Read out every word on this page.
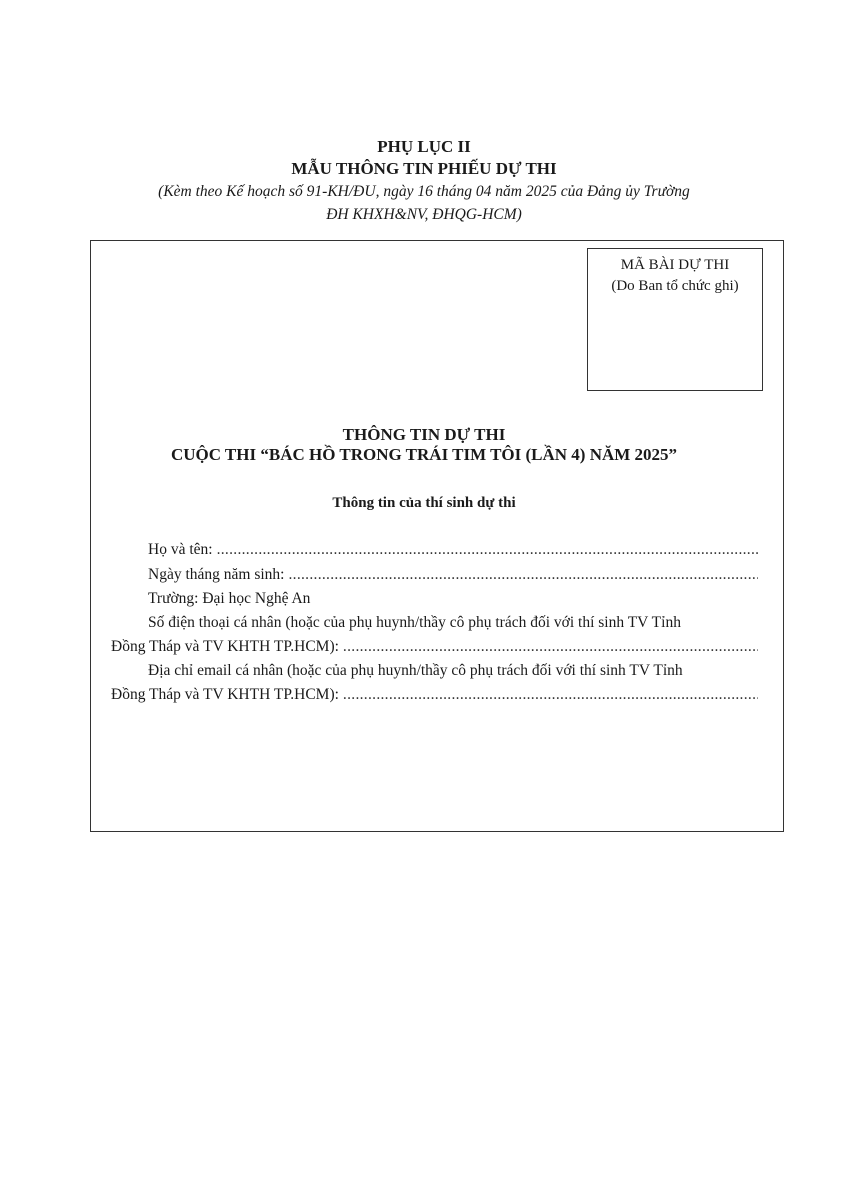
PHỤ LỤC II
MẪU THÔNG TIN PHIẾU DỰ THI
(Kèm theo Kế hoạch số 91-KH/ĐU, ngày 16 tháng 04 năm 2025 của Đảng ủy Trường
ĐH KHXH&NV, ĐHQG-HCM)
MÃ BÀI DỰ THI
(Do Ban tổ chức ghi)
THÔNG TIN DỰ THI
CUỘC THI “BÁC HỒ TRONG TRÁI TIM TÔI (LẦN 4) NĂM 2025”
Thông tin của thí sinh dự thi
Họ và tên:
.....
Ngày tháng năm sinh:
.....
Trường: Đại học Nghệ An
Số điện thoại cá nhân (hoặc của phụ huynh/thầy cô phụ trách đối với thí sinh TV Tỉnh
Đồng Tháp và TV KHTH TP.HCM):
.....
Địa chỉ email cá nhân (hoặc của phụ huynh/thầy cô phụ trách đối với thí sinh TV Tỉnh
Đồng Tháp và TV KHTH TP.HCM):
.....
